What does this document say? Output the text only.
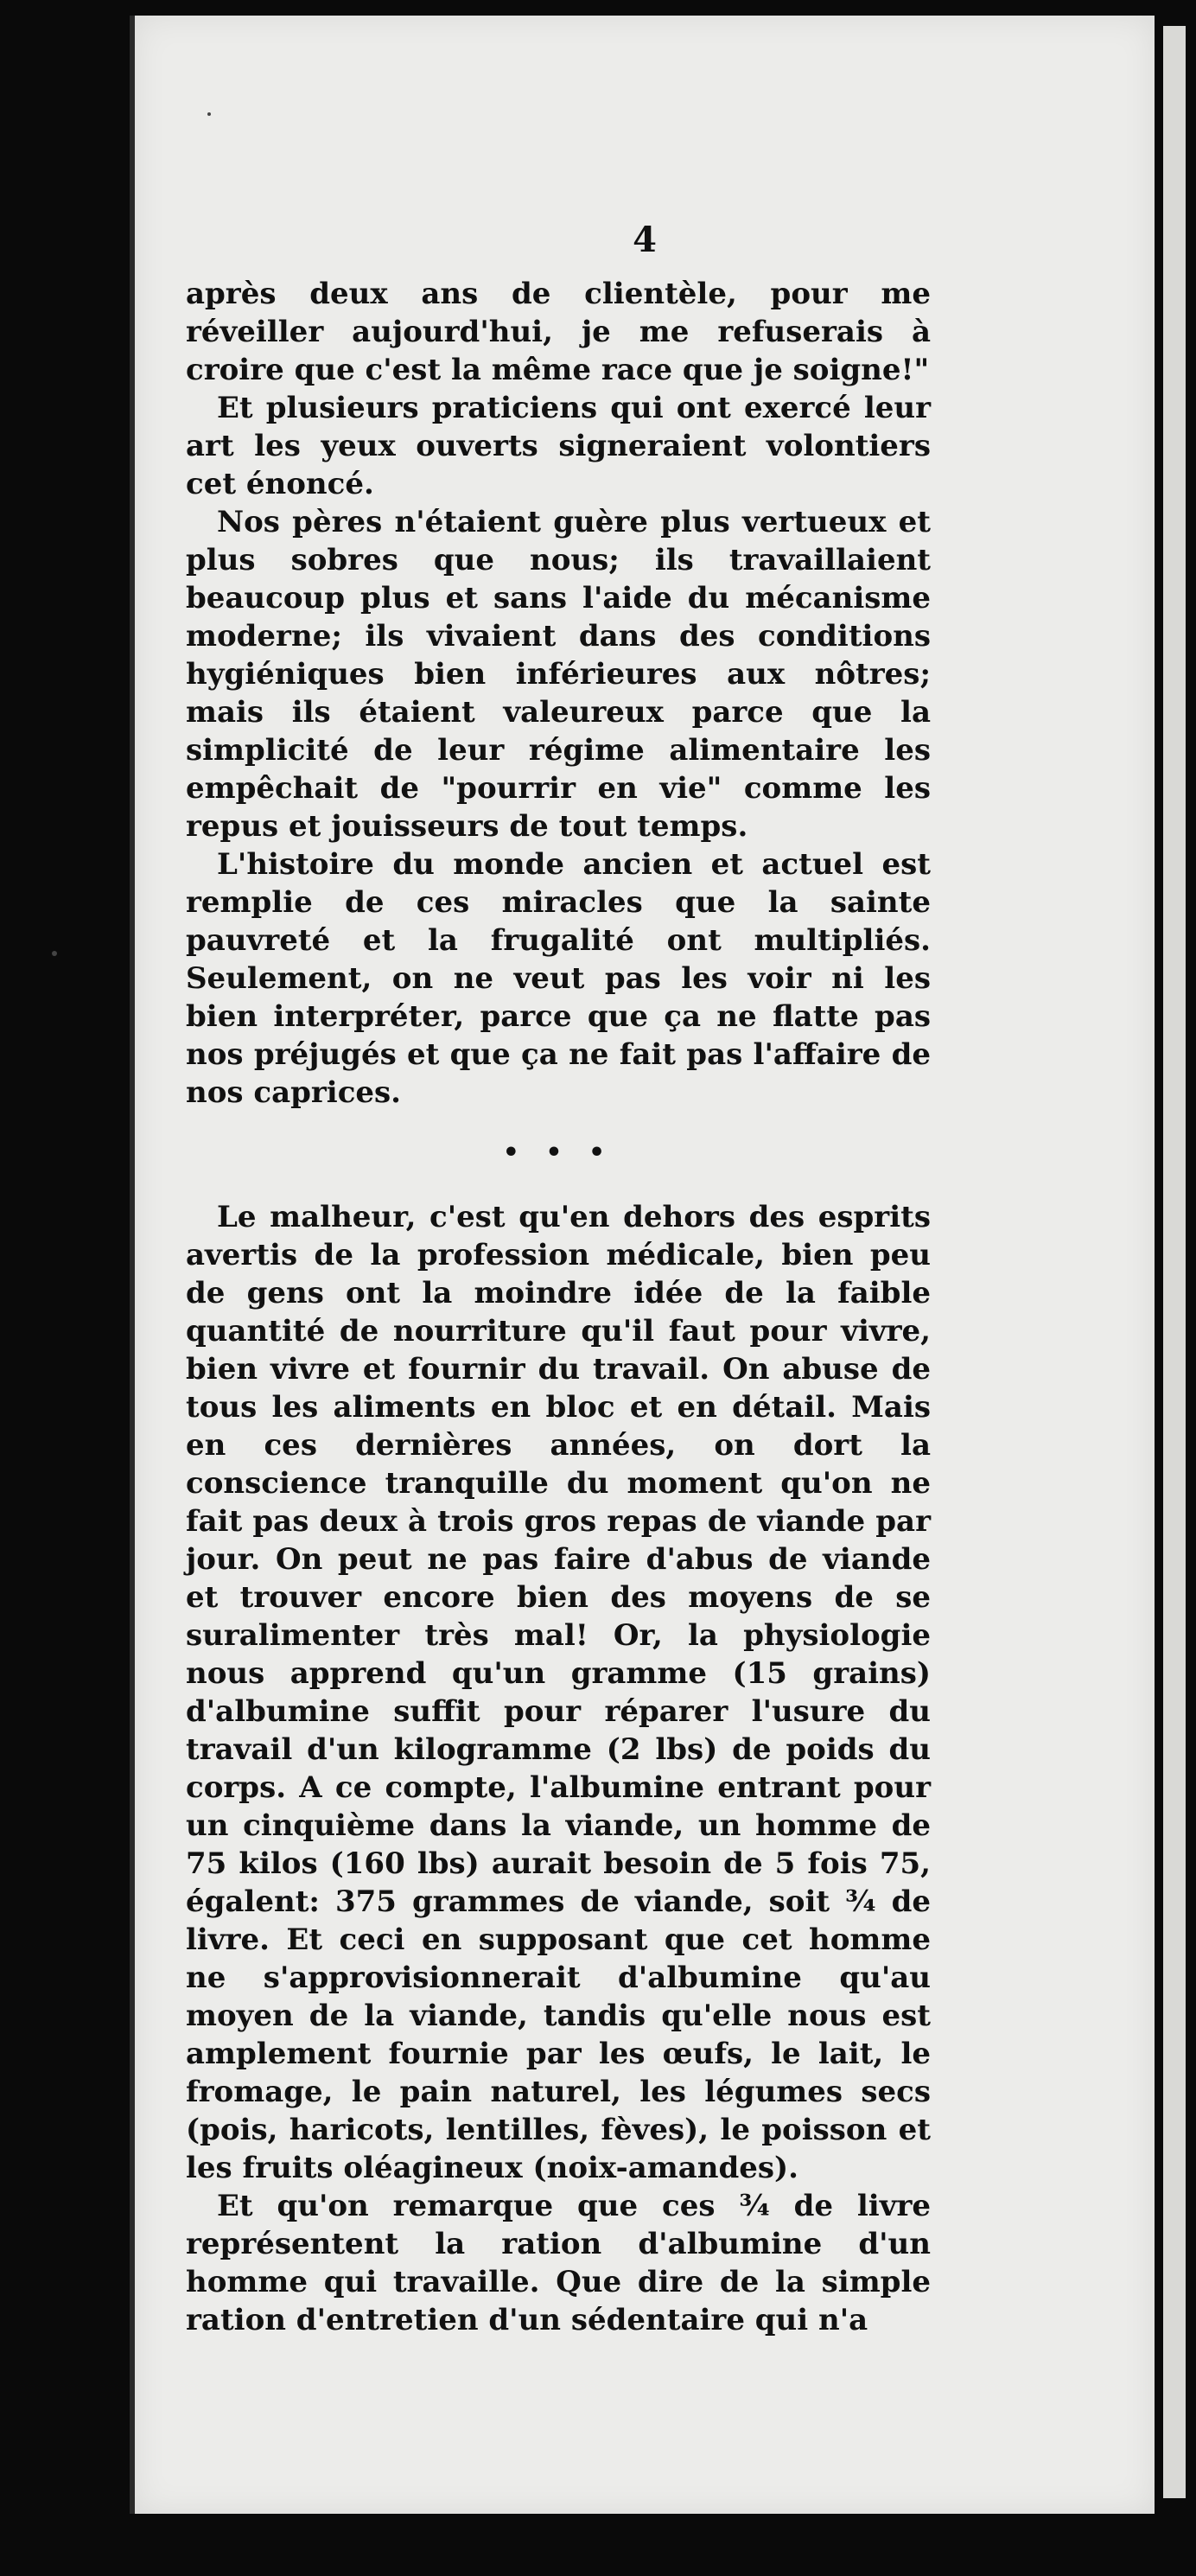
4

après deux ans de clientèle, pour me réveiller aujourd'hui, je me refuserais à croire que c'est la même race que je soigne!"

Et plusieurs praticiens qui ont exercé leur art les yeux ouverts signeraient volontiers cet énoncé.

Nos pères n'étaient guère plus vertueux et plus sobres que nous; ils travaillaient beaucoup plus et sans l'aide du mécanisme moderne; ils vivaient dans des conditions hygiéniques bien inférieures aux nôtres; mais ils étaient valeureux parce que la simplicité de leur régime alimentaire les empêchait de "pourrir en vie" comme les repus et jouisseurs de tout temps.

L'histoire du monde ancien et actuel est remplie de ces miracles que la sainte pauvreté et la frugalité ont multipliés. Seulement, on ne veut pas les voir ni les bien interpréter, parce que ça ne flatte pas nos préjugés et que ça ne fait pas l'affaire de nos caprices.

• • •

Le malheur, c'est qu'en dehors des esprits avertis de la profession médicale, bien peu de gens ont la moindre idée de la faible quantité de nourriture qu'il faut pour vivre, bien vivre et fournir du travail. On abuse de tous les aliments en bloc et en détail. Mais en ces dernières années, on dort la conscience tranquille du moment qu'on ne fait pas deux à trois gros repas de viande par jour. On peut ne pas faire d'abus de viande et trouver encore bien des moyens de se suralimenter très mal! Or, la physiologie nous apprend qu'un gramme (15 grains) d'albumine suffit pour réparer l'usure du travail d'un kilogramme (2 lbs) de poids du corps. A ce compte, l'albumine entrant pour un cinquième dans la viande, un homme de 75 kilos (160 lbs) aurait besoin de 5 fois 75, égalent: 375 grammes de viande, soit ¾ de livre. Et ceci en supposant que cet homme ne s'approvisionnerait d'albumine qu'au moyen de la viande, tandis qu'elle nous est amplement fournie par les œufs, le lait, le fromage, le pain naturel, les légumes secs (pois, haricots, lentilles, fèves), le poisson et les fruits oléagineux (noix-amandes).

Et qu'on remarque que ces ¾ de livre représentent la ration d'albumine d'un homme qui travaille. Que dire de la simple ration d'entretien d'un sédentaire qui n'a
